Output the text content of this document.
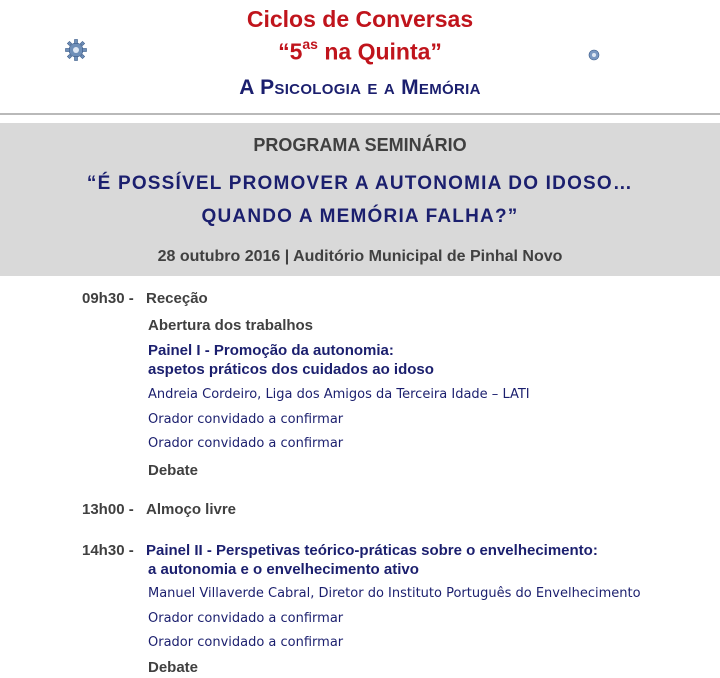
Ciclos de Conversas
“$5^{as}$ na Quinta”
A Psicologia e a Memória
PROGRAMA SEMINÁRIO
“É POSSÍVEL PROMOVER A AUTONOMIA DO IDOSO…
QUANDO A MEMÓRIA FALHA?”
28 outubro 2016 | Auditório Municipal de Pinhal Novo
09h30 - Receção
Abertura dos trabalhos
Painel I - Promoção da autonomia:
aspetos práticos dos cuidados ao idoso
Andreia Cordeiro, Liga dos Amigos da Terceira Idade – LATI
Orador convidado a confirmar
Orador convidado a confirmar
Debate
13h00 - Almoço livre
14h30 - Painel II - Perspetivas teórico-práticas sobre o envelhecimento:
a autonomia e o envelhecimento ativo
Manuel Villaverde Cabral, Diretor do Instituto Português do Envelhecimento
Orador convidado a confirmar
Orador convidado a confirmar
Debate
